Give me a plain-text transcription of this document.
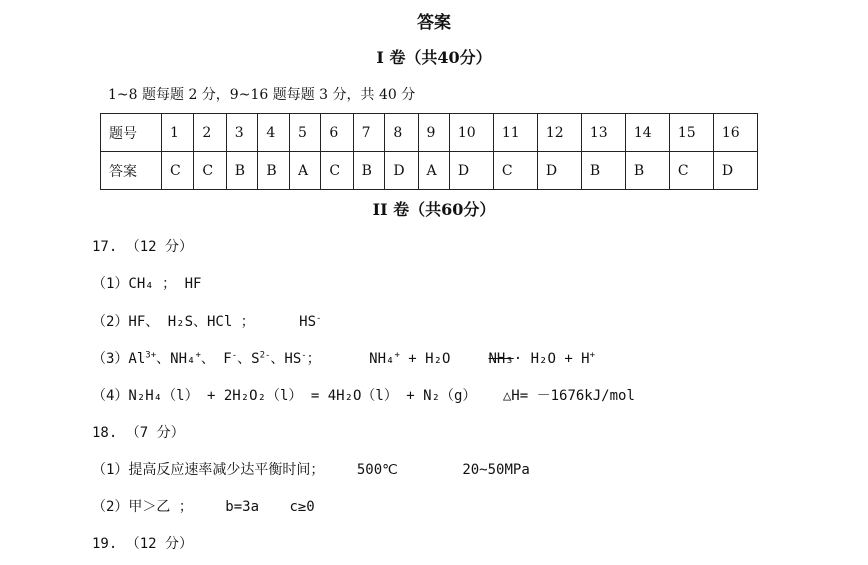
答案
I 卷（共40分）
1~8 题每题 2 分，9~16 题每题 3 分，共 40 分
题号	1	2	3	4	5	6	7	8	9	10	11	12	13	14	15	16
答案	C	C	B	B	A	C	B	D	A	D	C	D	B	B	C	D
II 卷（共60分）
17. （12 分）
（1）CH₄ ； HF
（2）HF、 H₂S、HCl ；	HS-
$(3)Al^{3+}$、NH₄+、 F-、$S^{2-}$、HS-；	NH₄+ + H₂O	NH₃· H₂O + H+
（4）N₂H₄（l） + 2H₂O₂（l） = 4H₂O（l） + N₂（g） △H= －1676kJ/mol
18. （7 分）
（1）提高反应速率减少达平衡时间； 500℃	20~50MPa
（2）甲＞乙 ； b=3a c≥0
19. （12 分）
